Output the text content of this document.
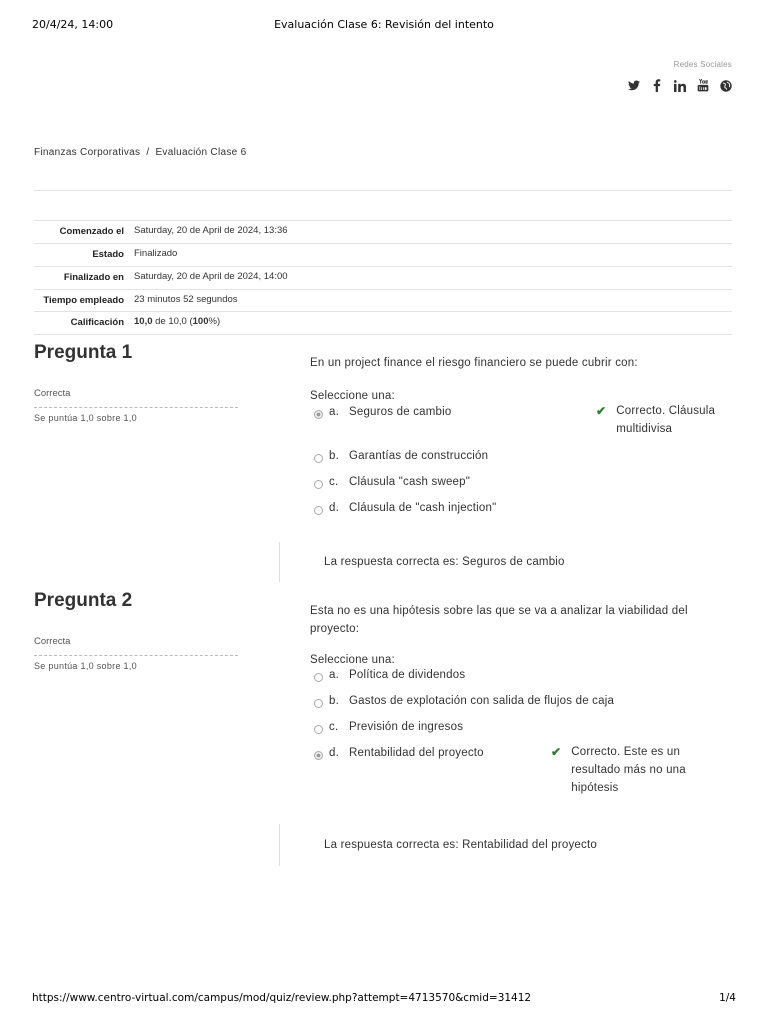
20/4/24, 14:00	Evaluación Clase 6: Revisión del intento
Redes Sociales
Finanzas Corporativas / Evaluación Clase 6
Comenzado el	Saturday, 20 de April de 2024, 13:36
Estado	Finalizado
Finalizado en	Saturday, 20 de April de 2024, 14:00
Tiempo empleado	23 minutos 52 segundos
Calificación	10,0 de 10,0 (100%)
Pregunta 1
Correcta
Se puntúa 1,0 sobre 1,0
En un project finance el riesgo financiero se puede cubrir con:
Seleccione una:
a. Seguros de cambio	✔ Correcto. Cláusula multidivisa
b. Garantías de construcción
c. Cláusula "cash sweep"
d. Cláusula de "cash injection"
La respuesta correcta es: Seguros de cambio
Pregunta 2
Correcta
Se puntúa 1,0 sobre 1,0
Esta no es una hipótesis sobre las que se va a analizar la viabilidad del proyecto:
Seleccione una:
a. Política de dividendos
b. Gastos de explotación con salida de flujos de caja
c. Previsión de ingresos
d. Rentabilidad del proyecto	✔ Correcto. Este es un resultado más no una hipótesis
La respuesta correcta es: Rentabilidad del proyecto
https://www.centro-virtual.com/campus/mod/quiz/review.php?attempt=4713570&cmid=31412	1/4
